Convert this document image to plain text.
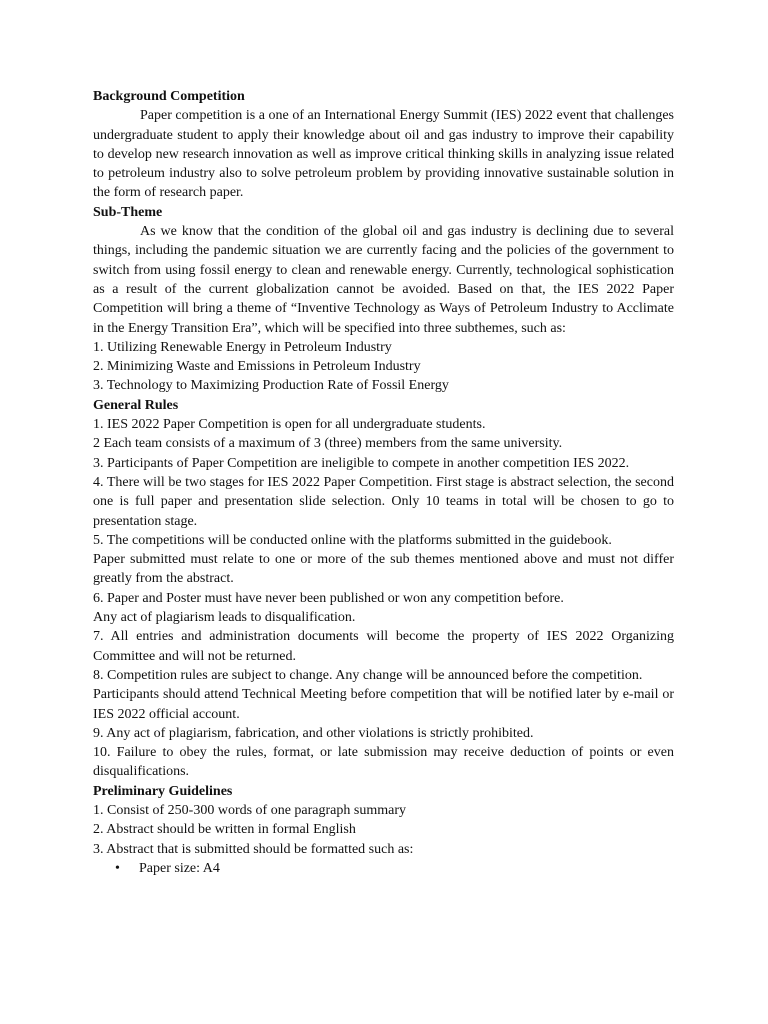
Background Competition

Paper competition is a one of an International Energy Summit (IES) 2022 event that challenges undergraduate student to apply their knowledge about oil and gas industry to improve their capability to develop new research innovation as well as improve critical thinking skills in analyzing issue related to petroleum industry also to solve petroleum problem by providing innovative sustainable solution in the form of research paper.

Sub-Theme

As we know that the condition of the global oil and gas industry is declining due to several things, including the pandemic situation we are currently facing and the policies of the government to switch from using fossil energy to clean and renewable energy. Currently, technological sophistication as a result of the current globalization cannot be avoided. Based on that, the IES 2022 Paper Competition will bring a theme of “Inventive Technology as Ways of Petroleum Industry to Acclimate in the Energy Transition Era”, which will be specified into three subthemes, such as:

1. Utilizing Renewable Energy in Petroleum Industry

2. Minimizing Waste and Emissions in Petroleum Industry

3. Technology to Maximizing Production Rate of Fossil Energy

General Rules

1. IES 2022 Paper Competition is open for all undergraduate students.

2 Each team consists of a maximum of 3 (three) members from the same university.

3. Participants of Paper Competition are ineligible to compete in another competition IES 2022.

4. There will be two stages for IES 2022 Paper Competition. First stage is abstract selection, the second one is full paper and presentation slide selection. Only 10 teams in total will be chosen to go to presentation stage.

5. The competitions will be conducted online with the platforms submitted in the guidebook.

Paper submitted must relate to one or more of the sub themes mentioned above and must not differ greatly from the abstract.

6. Paper and Poster must have never been published or won any competition before.

Any act of plagiarism leads to disqualification.

7. All entries and administration documents will become the property of IES 2022 Organizing Committee and will not be returned.

8. Competition rules are subject to change. Any change will be announced before the competition.

Participants should attend Technical Meeting before competition that will be notified later by e-mail or IES 2022 official account.

9. Any act of plagiarism, fabrication, and other violations is strictly prohibited.

10. Failure to obey the rules, format, or late submission may receive deduction of points or even disqualifications.

Preliminary Guidelines

1. Consist of 250-300 words of one paragraph summary

2. Abstract should be written in formal English

3. Abstract that is submitted should be formatted such as:

• Paper size: A4
